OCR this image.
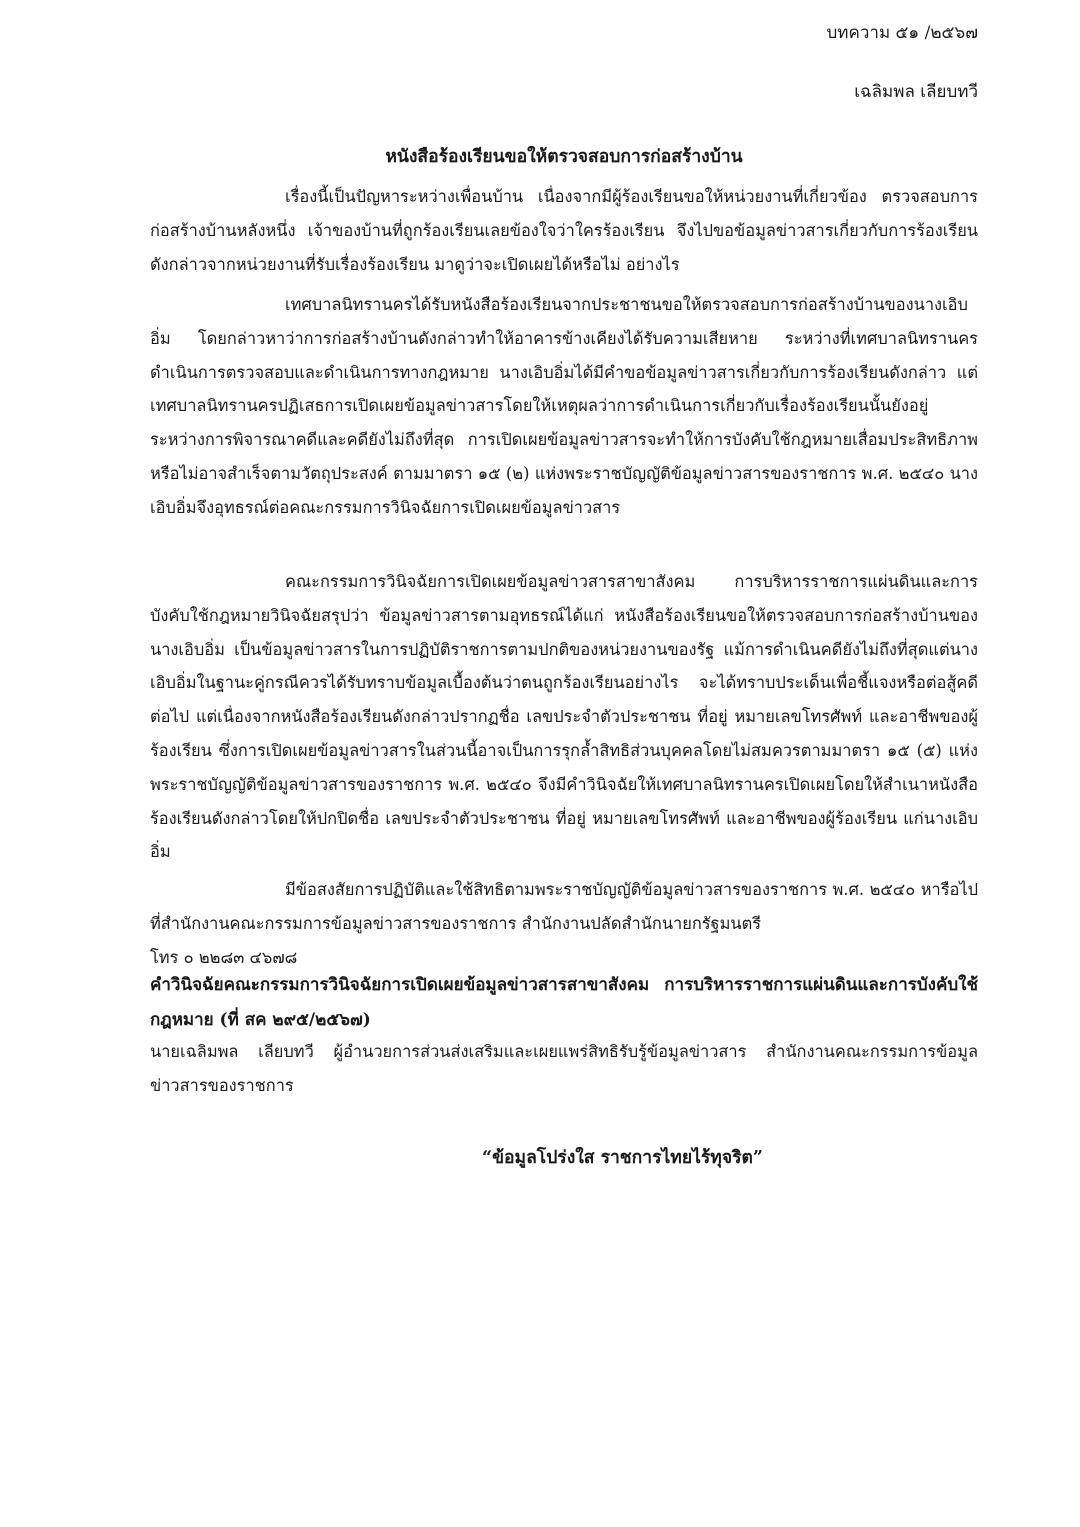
บทความ ๕๑ /๒๕๖๗
เฉลิมพล เลียบทวี
หนังสือร้องเรียนขอให้ตรวจสอบการก่อสร้างบ้าน

เรื่องนี้เป็นปัญหาระหว่างเพื่อนบ้าน เนื่องจากมีผู้ร้องเรียนขอให้หน่วยงานที่เกี่ยวข้อง ตรวจสอบการก่อสร้างบ้านหลังหนึ่ง เจ้าของบ้านที่ถูกร้องเรียนเลยข้องใจว่าใครร้องเรียน จึงไปขอข้อมูลข่าวสารเกี่ยวกับการร้องเรียนดังกล่าวจากหน่วยงานที่รับเรื่องร้องเรียน มาดูว่าจะเปิดเผยได้หรือไม่ อย่างไร

เทศบาลนิทรานครได้รับหนังสือร้องเรียนจากประชาชนขอให้ตรวจสอบการก่อสร้างบ้านของนางเอิบอิ่ม โดยกล่าวหาว่าการก่อสร้างบ้านดังกล่าวทำให้อาคารข้างเคียงได้รับความเสียหาย ระหว่างที่เทศบาลนิทรานครดำเนินการตรวจสอบและดำเนินการทางกฎหมาย นางเอิบอิ่มได้มีคำขอข้อมูลข่าวสารเกี่ยวกับการร้องเรียนดังกล่าว แต่เทศบาลนิทรานครปฏิเสธการเปิดเผยข้อมูลข่าวสารโดยให้เหตุผลว่าการดำเนินการเกี่ยวกับเรื่องร้องเรียนนั้นยังอยู่ระหว่างการพิจารณาคดีและคดียังไม่ถึงที่สุด การเปิดเผยข้อมูลข่าวสารจะทำให้การบังคับใช้กฎหมายเสื่อมประสิทธิภาพหรือไม่อาจสำเร็จตามวัตถุประสงค์ ตามมาตรา ๑๕ (๒) แห่งพระราชบัญญัติข้อมูลข่าวสารของราชการ พ.ศ. ๒๕๔๐ นางเอิบอิ่มจึงอุทธรณ์ต่อคณะกรรมการวินิจฉัยการเปิดเผยข้อมูลข่าวสาร

คณะกรรมการวินิจฉัยการเปิดเผยข้อมูลข่าวสารสาขาสังคม การบริหารราชการแผ่นดินและการบังคับใช้กฎหมายวินิจฉัยสรุปว่า ข้อมูลข่าวสารตามอุทธรณ์ได้แก่ หนังสือร้องเรียนขอให้ตรวจสอบการก่อสร้างบ้านของนางเอิบอิ่ม เป็นข้อมูลข่าวสารในการปฏิบัติราชการตามปกติของหน่วยงานของรัฐ แม้การดำเนินคดียังไม่ถึงที่สุดแต่นางเอิบอิ่มในฐานะคู่กรณีควรได้รับทราบข้อมูลเบื้องต้นว่าตนถูกร้องเรียนอย่างไร จะได้ทราบประเด็นเพื่อชี้แจงหรือต่อสู้คดีต่อไป แต่เนื่องจากหนังสือร้องเรียนดังกล่าวปรากฏชื่อ เลขประจำตัวประชาชน ที่อยู่ หมายเลขโทรศัพท์ และอาชีพของผู้ร้องเรียน ซึ่งการเปิดเผยข้อมูลข่าวสารในส่วนนี้อาจเป็นการรุกล้ำสิทธิส่วนบุคคลโดยไม่สมควรตามมาตรา ๑๕ (๕) แห่งพระราชบัญญัติข้อมูลข่าวสารของราชการ พ.ศ. ๒๕๔๐ จึงมีคำวินิจฉัยให้เทศบาลนิทรานครเปิดเผยโดยให้สำเนาหนังสือร้องเรียนดังกล่าวโดยให้ปกปิดชื่อ เลขประจำตัวประชาชน ที่อยู่ หมายเลขโทรศัพท์ และอาชีพของผู้ร้องเรียน แก่นางเอิบอิ่ม

มีข้อสงสัยการปฏิบัติและใช้สิทธิตามพระราชบัญญัติข้อมูลข่าวสารของราชการ พ.ศ. ๒๕๔๐ หารือไปที่สำนักงานคณะกรรมการข้อมูลข่าวสารของราชการ สำนักงานปลัดสำนักนายกรัฐมนตรี

โทร ๐ ๒๒๘๓ ๔๖๗๘

คำวินิจฉัยคณะกรรมการวินิจฉัยการเปิดเผยข้อมูลข่าวสารสาขาสังคม การบริหารราชการแผ่นดินและการบังคับใช้กฎหมาย (ที่ สค ๒๙๕/๒๕๖๗)

นายเฉลิมพล เลียบทวี ผู้อำนวยการส่วนส่งเสริมและเผยแพร่สิทธิรับรู้ข้อมูลข่าวสาร สำนักงานคณะกรรมการข้อมูลข่าวสารของราชการ

“ข้อมูลโปร่งใส ราชการไทยไร้ทุจริต”
